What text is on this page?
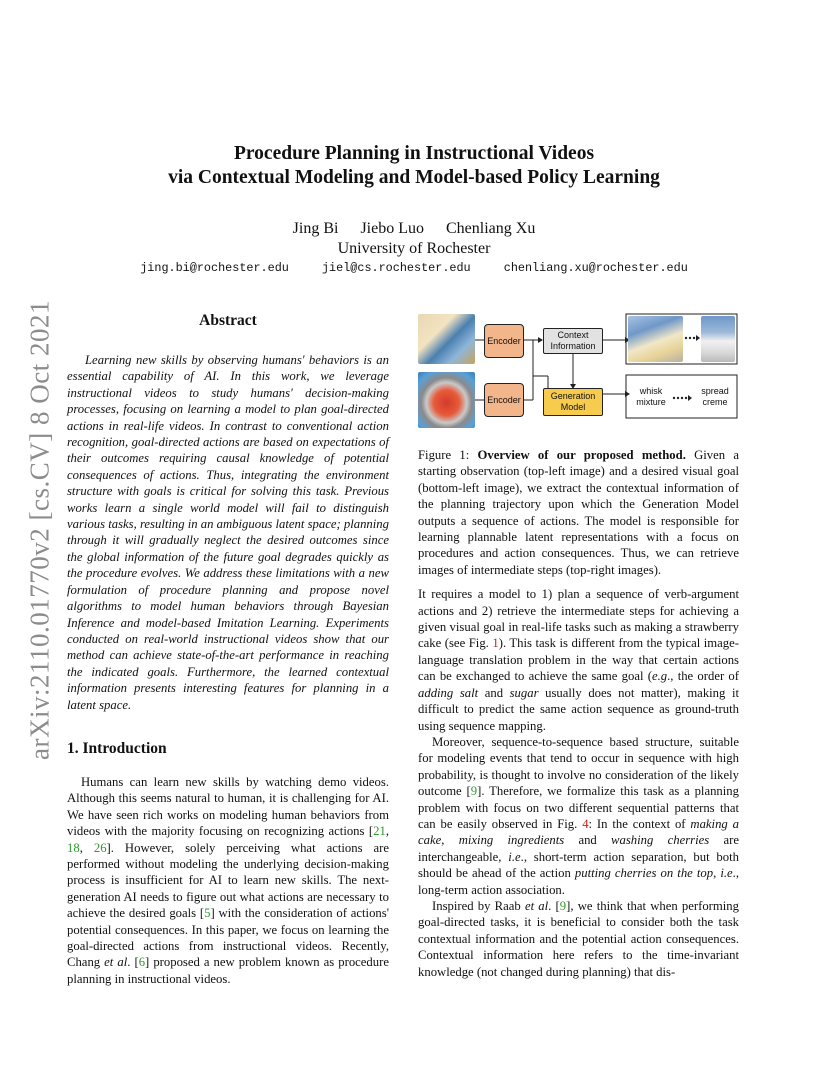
arXiv:2110.01770v2 [cs.CV] 8 Oct 2021
Procedure Planning in Instructional Videos
via Contextual Modeling and Model-based Policy Learning
Jing Bi Jiebo Luo Chenliang Xu
University of Rochester
jing.bi@rochester.edu	jiel@cs.rochester.edu	chenliang.xu@rochester.edu
Abstract

Learning new skills by observing humans' behaviors is an essential capability of AI. In this work, we leverage instructional videos to study humans' decision-making processes, focusing on learning a model to plan goal-directed actions in real-life videos. In contrast to conventional action recognition, goal-directed actions are based on expectations of their outcomes requiring causal knowledge of potential consequences of actions. Thus, integrating the environment structure with goals is critical for solving this task. Previous works learn a single world model will fail to distinguish various tasks, resulting in an ambiguous latent space; planning through it will gradually neglect the desired outcomes since the global information of the future goal degrades quickly as the procedure evolves. We address these limitations with a new formulation of procedure planning and propose novel algorithms to model human behaviors through Bayesian Inference and model-based Imitation Learning. Experiments conducted on real-world instructional videos show that our method can achieve state-of-the-art performance in reaching the indicated goals. Furthermore, the learned contextual information presents interesting features for planning in a latent space.

1. Introduction

Humans can learn new skills by watching demo videos. Although this seems natural to human, it is challenging for AI. We have seen rich works on modeling human behaviors from videos with the majority focusing on recognizing actions [21, 18, 26]. However, solely perceiving what actions are performed without modeling the underlying decision-making process is insufficient for AI to learn new skills. The next-generation AI needs to figure out what actions are necessary to achieve the desired goals [5] with the consideration of actions' potential consequences. In this paper, we focus on learning the goal-directed actions from instructional videos. Recently, Chang et al. [6] proposed a new problem known as procedure planning in instructional videos.

Encoder
Encoder
Context
Information
Generation
Model
whisk
mixture
spread
creme

Figure 1: Overview of our proposed method. Given a starting observation (top-left image) and a desired visual goal (bottom-left image), we extract the contextual information of the planning trajectory upon which the Generation Model outputs a sequence of actions. The model is responsible for learning plannable latent representations with a focus on procedures and action consequences. Thus, we can retrieve images of intermediate steps (top-right images).

It requires a model to 1) plan a sequence of verb-argument actions and 2) retrieve the intermediate steps for achieving a given visual goal in real-life tasks such as making a strawberry cake (see Fig. 1). This task is different from the typical image-language translation problem in the way that certain actions can be exchanged to achieve the same goal (e.g., the order of adding salt and sugar usually does not matter), making it difficult to predict the same action sequence as ground-truth using sequence mapping.

Moreover, sequence-to-sequence based structure, suitable for modeling events that tend to occur in sequence with high probability, is thought to involve no consideration of the likely outcome [9]. Therefore, we formalize this task as a planning problem with focus on two different sequential patterns that can be easily observed in Fig. 4: In the context of making a cake, mixing ingredients and washing cherries are interchangeable, i.e., short-term action separation, but both should be ahead of the action putting cherries on the top, i.e., long-term action association.

Inspired by Raab et al. [9], we think that when performing goal-directed tasks, it is beneficial to consider both the task contextual information and the potential action consequences. Contextual information here refers to the time-invariant knowledge (not changed during planning) that dis-
